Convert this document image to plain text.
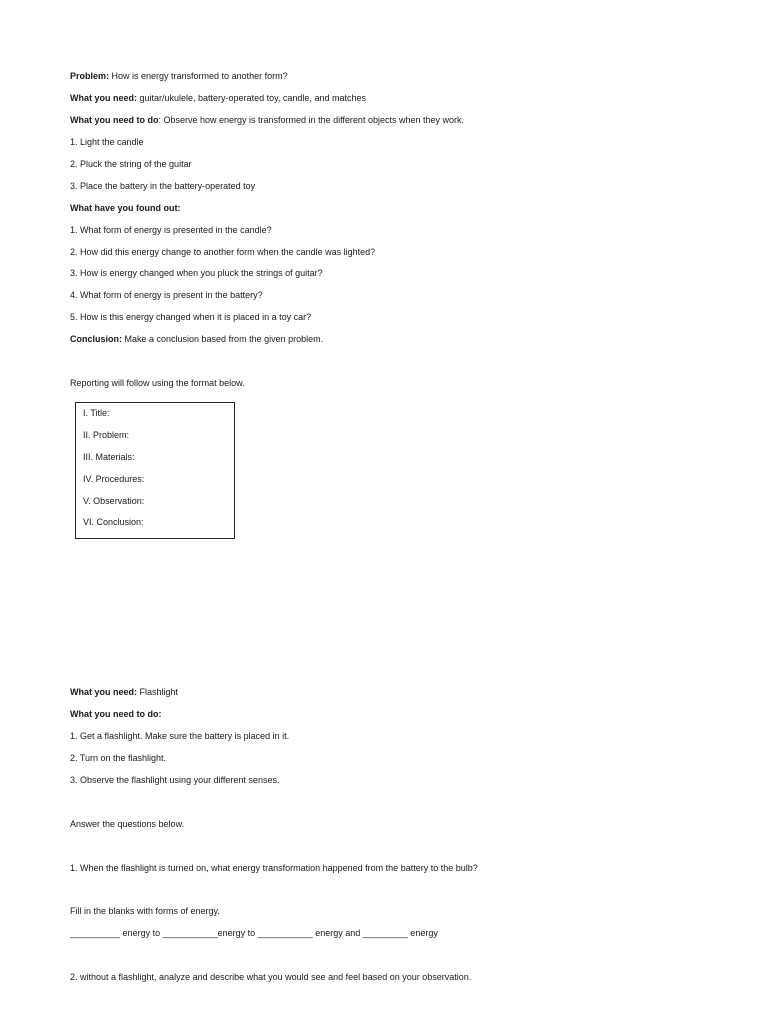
Problem: How is energy transformed to another form?
What you need: guitar/ukulele, battery-operated toy, candle, and matches
What you need to do: Observe how energy is transformed in the different objects when they work.
1. Light the candle
2. Pluck the string of the guitar
3. Place the battery in the battery-operated toy
What have you found out:
1. What form of energy is presented in the candle?
2. How did this energy change to another form when the candle was lighted?
3. How is energy changed when you pluck the strings of guitar?
4. What form of energy is present in the battery?
5. How is this energy changed when it is placed in a toy car?
Conclusion: Make a conclusion based from the given problem.
Reporting will follow using the format below.
I. Title:
II. Problem:
III. Materials:
IV. Procedures:
V. Observation:
VI. Conclusion:
What you need: Flashlight
What you need to do:
1. Get a flashlight. Make sure the battery is placed in it.
2. Turn on the flashlight.
3. Observe the flashlight using your different senses.
Answer the questions below.
1. When the flashlight is turned on, what energy transformation happened from the battery to the bulb?
Fill in the blanks with forms of energy.
__________ energy to ___________energy to ___________ energy and _________ energy
2. without a flashlight, analyze and describe what you would see and feel based on your observation.
